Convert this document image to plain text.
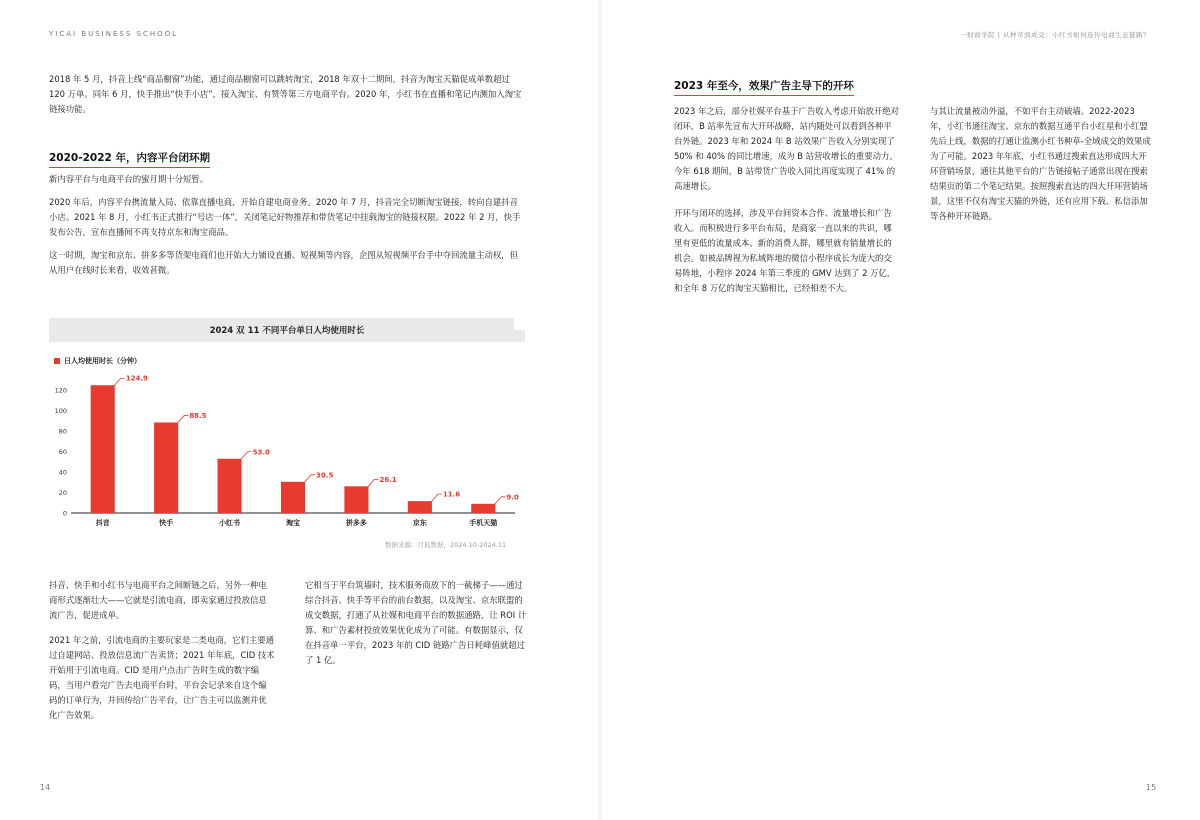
YICAI BUSINESS SCHOOL

2018 年 5 月，抖音上线“商品橱窗”功能，通过商品橱窗可以跳转淘宝，2018 年双十二期间，抖音为淘宝天猫促成单数超过 120 万单。同年 6 月，快手推出“快手小店”，接入淘宝、有赞等第三方电商平台。2020 年，小红书在直播和笔记内测加入淘宝链接功能。

2020-2022 年，内容平台闭环期

新内容平台与电商平台的蜜月期十分短暂。

2020 年后，内容平台携流量入局、依靠直播电商，开始自建电商业务。2020 年 7 月，抖音完全切断淘宝链接，转向自建抖音小店。2021 年 8 月，小红书正式推行“号店一体”，关闭笔记好物推荐和带货笔记中挂载淘宝的链接权限。2022 年 2 月，快手发布公告，宣布直播间不再支持京东和淘宝商品。

这一时期，淘宝和京东、拼多多等货架电商们也开始大力铺设直播、短视频等内容，企图从短视频平台手中夺回流量主动权，但从用户在线时长来看，收效甚微。

2024 双 11 不同平台单日人均使用时长
日人均使用时长（分钟）
0
20
40
60
80
100
120
124.9
抖音
88.5
快手
53.0
小红书
30.5
淘宝
26.1
拼多多
11.6
京东
9.0
手机天猫
数据来源：月狐数据，2024.10-2024.11

抖音、快手和小红书与电商平台之间断链之后，另外一种电商形式逐渐壮大——它就是引流电商，即卖家通过投放信息流广告，促进成单。

2021 年之前，引流电商的主要玩家是二类电商，它们主要通过自建网站、投放信息流广告卖货；2021 年年底，CID 技术开始用于引流电商。CID 是用户点击广告时生成的数字编码，当用户看完广告去电商平台时，平台会记录来自这个编码的订单行为，并回传给广告平台，让广告主可以监测并优化广告效果。

它相当于平台筑墙时，技术服务商放下的一截梯子——通过综合抖音、快手等平台的前台数据，以及淘宝、京东联盟的成交数据，打通了从社媒和电商平台的数据通路，让 ROI 计算、和广告素材投放效果优化成为了可能。有数据显示，仅在抖音单一平台，2023 年的 CID 链路广告日耗峰值就超过了 1 亿。

14
一财商学院 | 从种草到成交：小红书如何连传电商生态链路？
2023 年至今，效果广告主导下的开环

2023 年之后，部分社媒平台基于广告收入考虑开始放开绝对闭环，B 站率先宣布大开环战略，站内随处可以看到各种平台外链。2023 年和 2024 年 B 站效果广告收入分别实现了 50% 和 40% 的同比增速，成为 B 站营收增长的重要动力。今年 618 期间，B 站带货广告收入同比再度实现了 41% 的高速增长。

开环与闭环的选择，涉及平台间资本合作、流量增长和广告收入。而积极进行多平台布局，是商家一直以来的共识，哪里有更低的流量成本、新的消费人群，哪里就有销量增长的机会。如被品牌视为私域阵地的微信小程序成长为庞大的交易阵地，小程序 2024 年第三季度的 GMV 达到了 2 万亿，和全年 8 万亿的淘宝天猫相比，已经相差不大。

与其让流量被动外溢，不如平台主动破墙。2022-2023 年，小红书通往淘宝、京东的数据互通平台小红星和小红盟先后上线，数据的打通让监测小红书种草-全域成交的效果成为了可能。2023 年年底，小红书通过搜索直达形成四大开环营销场景，通往其他平台的广告链接帖子通常出现在搜索结果页的第二个笔记结果。按照搜索直达的四大开环营销场景，这里不仅有淘宝天猫的外链，还有应用下载、私信添加等各种开环链路。

15
